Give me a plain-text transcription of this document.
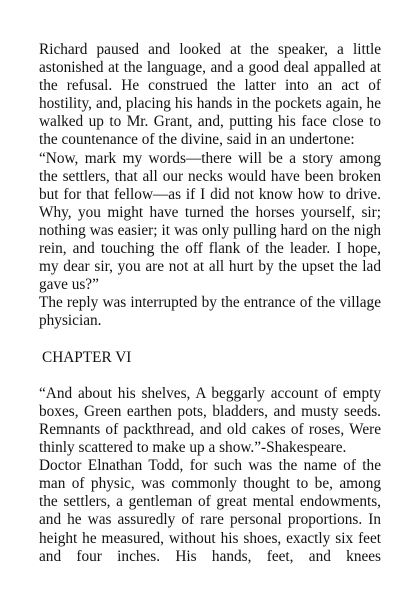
Richard paused and looked at the speaker, a little astonished at the language, and a good deal appalled at the refusal. He construed the latter into an act of hostility, and, placing his hands in the pockets again, he walked up to Mr. Grant, and, putting his face close to the countenance of the divine, said in an undertone:

“Now, mark my words—there will be a story among the settlers, that all our necks would have been broken but for that fellow—as if I did not know how to drive. Why, you might have turned the horses yourself, sir; nothing was easier; it was only pulling hard on the nigh rein, and touching the off flank of the leader. I hope, my dear sir, you are not at all hurt by the upset the lad gave us?”

The reply was interrupted by the entrance of the village physician.

CHAPTER VI

“And about his shelves, A beggarly account of empty boxes, Green earthen pots, bladders, and musty seeds. Remnants of packthread, and old cakes of roses, Were thinly scattered to make up a show.”-Shakespeare.

Doctor Elnathan Todd, for such was the name of the man of physic, was commonly thought to be, among the settlers, a gentleman of great mental endowments, and he was assuredly of rare personal proportions. In height he measured, without his shoes, exactly six feet and four inches. His hands, feet, and knees
